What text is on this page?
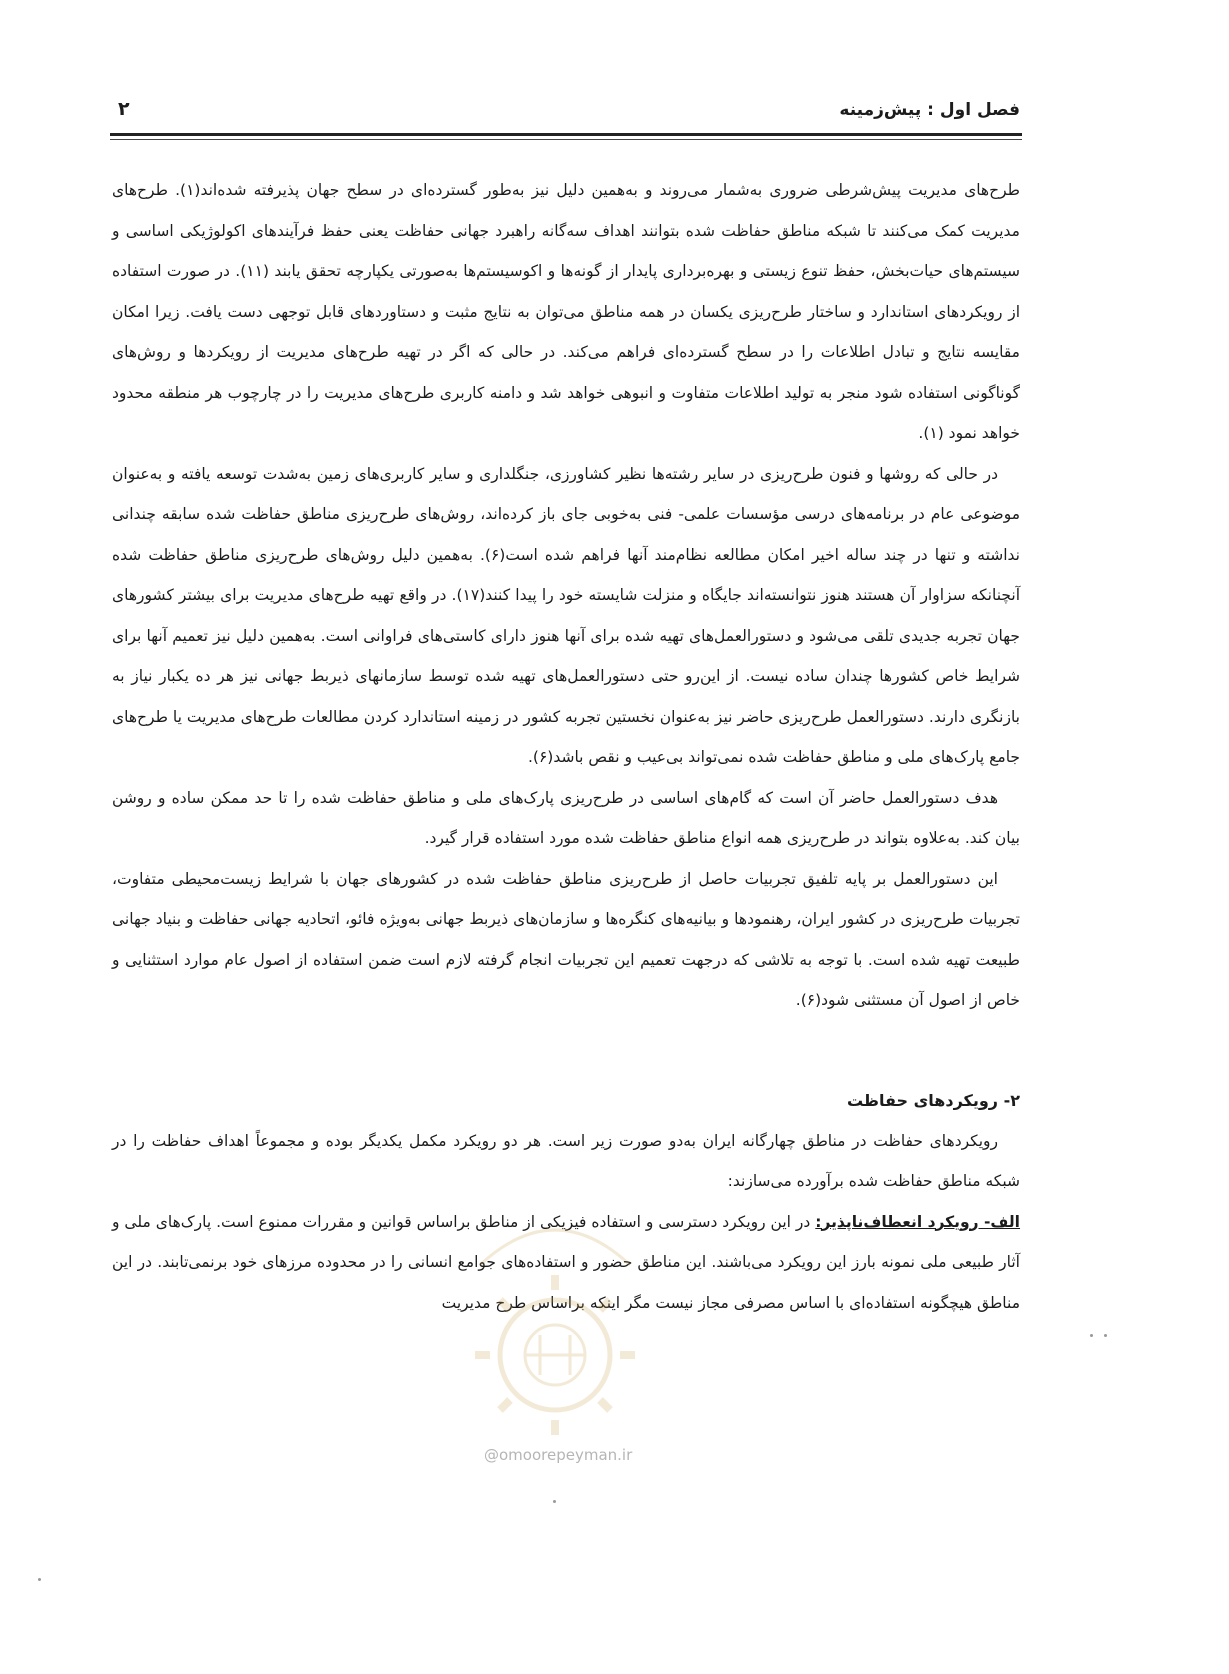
فصل اول : پیش‌زمینه
۲

طرح‌های مدیریت پیش‌شرطی ضروری به‌شمار می‌روند و به‌همین دلیل نیز به‌طور گسترده‌ای در سطح جهان پذیرفته شده‌اند(۱). طرح‌های مدیریت کمک می‌کنند تا شبکه مناطق حفاظت شده بتوانند اهداف سه‌گانه راهبرد جهانی حفاظت یعنی حفظ فرآیندهای اکولوژیکی اساسی و سیستم‌های حیات‌بخش، حفظ تنوع زیستی و بهره‌برداری پایدار از گونه‌ها و اکوسیستم‌ها به‌صورتی یکپارچه تحقق یابند (۱۱). در صورت استفاده از رویکردهای استاندارد و ساختار طرح‌ریزی یکسان در همه مناطق می‌توان به نتایج مثبت و دستاوردهای قابل توجهی دست یافت. زیرا امکان مقایسه نتایج و تبادل اطلاعات را در سطح گسترده‌ای فراهم می‌کند. در حالی که اگر در تهیه طرح‌های مدیریت از رویکردها و روش‌های گوناگونی استفاده شود منجر به تولید اطلاعات متفاوت و انبوهی خواهد شد و دامنه کاربری طرح‌های مدیریت را در چارچوب هر منطقه محدود خواهد نمود (۱).

در حالی که روشها و فنون طرح‌ریزی در سایر رشته‌ها نظیر کشاورزی، جنگلداری و سایر کاربری‌های زمین به‌شدت توسعه یافته و به‌عنوان موضوعی عام در برنامه‌های درسی مؤسسات علمی- فنی به‌خوبی جای باز کرده‌اند، روش‌های طرح‌ریزی مناطق حفاظت شده سابقه چندانی نداشته و تنها در چند ساله اخیر امکان مطالعه نظام‌مند آنها فراهم شده است(۶). به‌همین دلیل روش‌های طرح‌ریزی مناطق حفاظت شده آنچنانکه سزاوار آن هستند هنوز نتوانسته‌اند جایگاه و منزلت شایسته خود را پیدا کنند(۱۷). در واقع تهیه طرح‌های مدیریت برای بیشتر کشورهای جهان تجربه جدیدی تلقی می‌شود و دستورالعمل‌های تهیه شده برای آنها هنوز دارای کاستی‌های فراوانی است. به‌همین دلیل نیز تعمیم آنها برای شرایط خاص کشورها چندان ساده نیست. از این‌رو حتی دستورالعمل‌های تهیه شده توسط سازمانهای ذیربط جهانی نیز هر ده یکبار نیاز به بازنگری دارند. دستورالعمل طرح‌ریزی حاضر نیز به‌عنوان نخستین تجربه کشور در زمینه استاندارد کردن مطالعات طرح‌های مدیریت یا طرح‌های جامع پارک‌های ملی و مناطق حفاظت شده نمی‌تواند بی‌عیب و نقص باشد(۶).

هدف دستورالعمل حاضر آن است که گام‌های اساسی در طرح‌ریزی پارک‌های ملی و مناطق حفاظت شده را تا حد ممکن ساده و روشن بیان کند. به‌علاوه بتواند در طرح‌ریزی همه انواع مناطق حفاظت شده مورد استفاده قرار گیرد.

این دستورالعمل بر پایه تلفیق تجربیات حاصل از طرح‌ریزی مناطق حفاظت شده در کشورهای جهان با شرایط زیست‌محیطی متفاوت، تجربیات طرح‌ریزی در کشور ایران، رهنمودها و بیانیه‌های کنگره‌ها و سازمان‌های ذیربط جهانی به‌ویژه فائو، اتحادیه جهانی حفاظت و بنیاد جهانی طبیعت تهیه شده است. با توجه به تلاشی که درجهت تعمیم این تجربیات انجام گرفته لازم است ضمن استفاده از اصول عام موارد استثنایی و خاص از اصول آن مستثنی شود(۶).

۲- رویکردهای حفاظت

رویکردهای حفاظت در مناطق چهارگانه ایران به‌دو صورت زیر است. هر دو رویکرد مکمل یکدیگر بوده و مجموعاً اهداف حفاظت را در شبکه مناطق حفاظت شده برآورده می‌سازند:

الف- رویکرد انعطاف‌ناپذیر: در این رویکرد دسترسی و استفاده فیزیکی از مناطق براساس قوانین و مقررات ممنوع است. پارک‌های ملی و آثار طبیعی ملی نمونه بارز این رویکرد می‌باشند. این مناطق حضور و استفاده‌های جوامع انسانی را در محدوده مرزهای خود برنمی‌تابند. در این مناطق هیچگونه استفاده‌ای با اساس مصرفی مجاز نیست مگر اینکه براساس طرح مدیریت

@omoorepeyman.ir
